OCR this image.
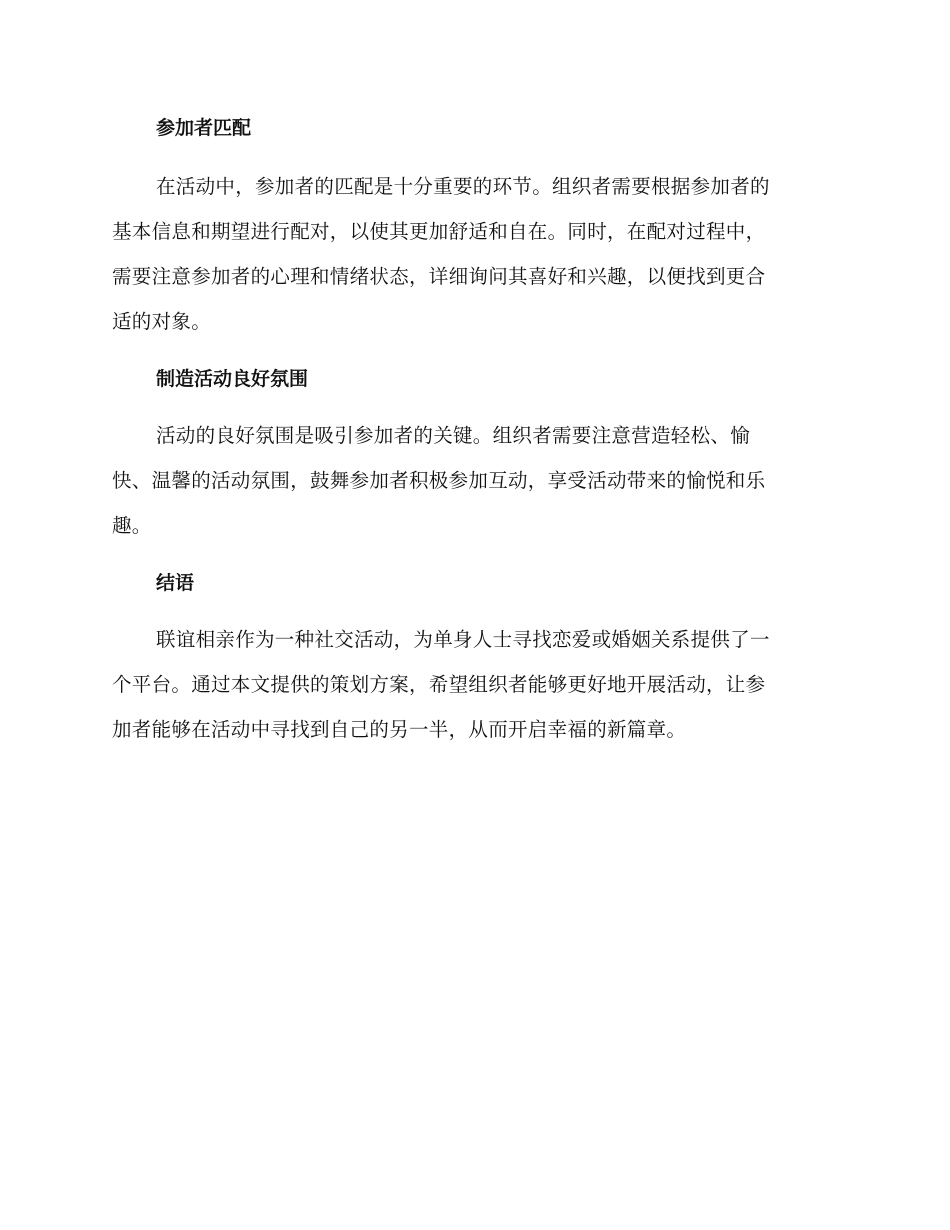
参加者匹配

在活动中，参加者的匹配是十分重要的环节。组织者需要根据参加者的
基本信息和期望进行配对，以使其更加舒适和自在。同时，在配对过程中，
需要注意参加者的心理和情绪状态，详细询问其喜好和兴趣，以便找到更合
适的对象。

制造活动良好氛围

活动的良好氛围是吸引参加者的关键。组织者需要注意营造轻松、愉
快、温馨的活动氛围，鼓舞参加者积极参加互动，享受活动带来的愉悦和乐
趣。

结语

联谊相亲作为一种社交活动，为单身人士寻找恋爱或婚姻关系提供了一
个平台。通过本文提供的策划方案，希望组织者能够更好地开展活动，让参
加者能够在活动中寻找到自己的另一半，从而开启幸福的新篇章。
